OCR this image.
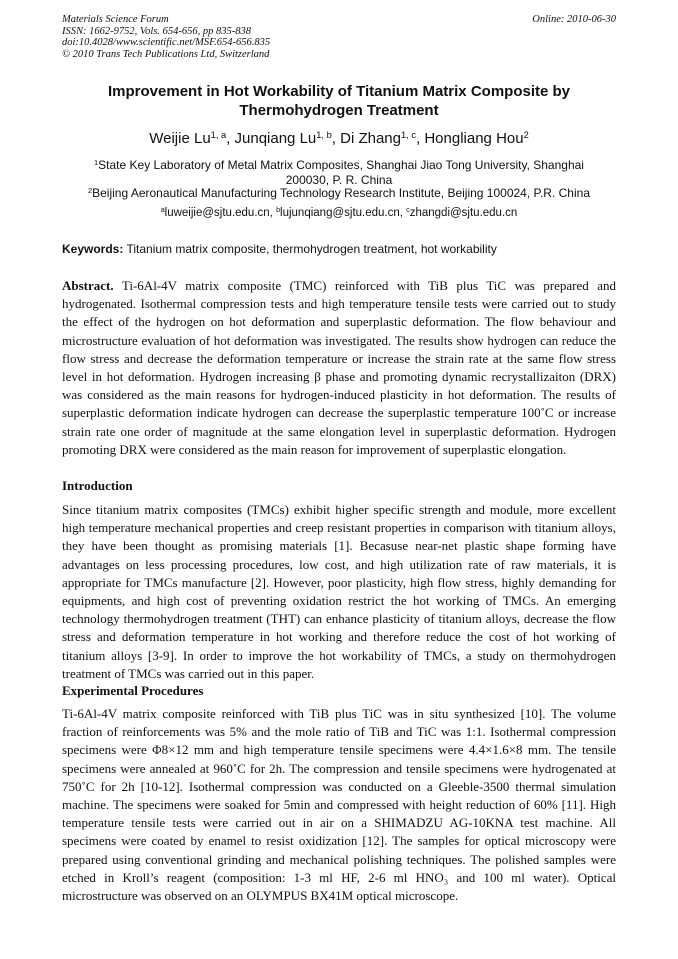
Materials Science Forum
ISSN: 1662-9752, Vols. 654-656, pp 835-838
doi:10.4028/www.scientific.net/MSF.654-656.835
© 2010 Trans Tech Publications Ltd, Switzerland
Online: 2010-06-30
Improvement in Hot Workability of Titanium Matrix Composite by
Thermohydrogen Treatment
Weijie Lu$^{1, a}$, Junqiang Lu$^{1, b}$, Di Zhang$^{1, c}$, Hongliang Hou$^2$
$^1$State Key Laboratory of Metal Matrix Composites, Shanghai Jiao Tong University, Shanghai
200030, P. R. China
$^2$Beijing Aeronautical Manufacturing Technology Research Institute, Beijing 100024, P.R. China
$^a$luweijie@sjtu.edu.cn, $^b$lujunqiang@sjtu.edu.cn, $^c$zhangdi@sjtu.edu.cn
Keywords: Titanium matrix composite, thermohydrogen treatment, hot workability
Abstract. Ti-6Al-4V matrix composite (TMC) reinforced with TiB plus TiC was prepared and hydrogenated. Isothermal compression tests and high temperature tensile tests were carried out to study the effect of the hydrogen on hot deformation and superplastic deformation. The flow behaviour and microstructure evaluation of hot deformation was investigated. The results show hydrogen can reduce the flow stress and decrease the deformation temperature or increase the strain rate at the same flow stress level in hot deformation. Hydrogen increasing β phase and promoting dynamic recrystallizaiton (DRX) was considered as the main reasons for hydrogen-induced plasticity in hot deformation. The results of superplastic deformation indicate hydrogen can decrease the superplastic temperature 100˚C or increase strain rate one order of magnitude at the same elongation level in superplastic deformation. Hydrogen promoting DRX were considered as the main reason for improvement of superplastic elongation.
Introduction
Since titanium matrix composites (TMCs) exhibit higher specific strength and module, more excellent high temperature mechanical properties and creep resistant properties in comparison with titanium alloys, they have been thought as promising materials [1]. Becasuse near-net plastic shape forming have advantages on less processing procedures, low cost, and high utilization rate of raw materials, it is appropriate for TMCs manufacture [2]. However, poor plasticity, high flow stress, highly demanding for equipments, and high cost of preventing oxidation restrict the hot working of TMCs. An emerging technology thermohydrogen treatment (THT) can enhance plasticity of titanium alloys, decrease the flow stress and deformation temperature in hot working and therefore reduce the cost of hot working of titanium alloys [3-9]. In order to improve the hot workability of TMCs, a study on thermohydrogen treatment of TMCs was carried out in this paper.
Experimental Procedures
Ti-6Al-4V matrix composite reinforced with TiB plus TiC was in situ synthesized [10]. The volume fraction of reinforcements was 5% and the mole ratio of TiB and TiC was 1:1. Isothermal compression specimens were Φ8×12 mm and high temperature tensile specimens were 4.4×1.6×8 mm. The tensile specimens were annealed at 960˚C for 2h. The compression and tensile specimens were hydrogenated at 750˚C for 2h [10-12]. Isothermal compression was conducted on a Gleeble-3500 thermal simulation machine. The specimens were soaked for 5min and compressed with height reduction of 60% [11]. High temperature tensile tests were carried out in air on a SHIMADZU AG-10KNA test machine. All specimens were coated by enamel to resist oxidization [12]. The samples for optical microscopy were prepared using conventional grinding and mechanical polishing techniques. The polished samples were etched in Kroll’s reagent (composition: 1-3 ml HF, 2-6 ml HNO₃ and 100 ml water). Optical microstructure was observed on an OLYMPUS BX41M optical microscope.
